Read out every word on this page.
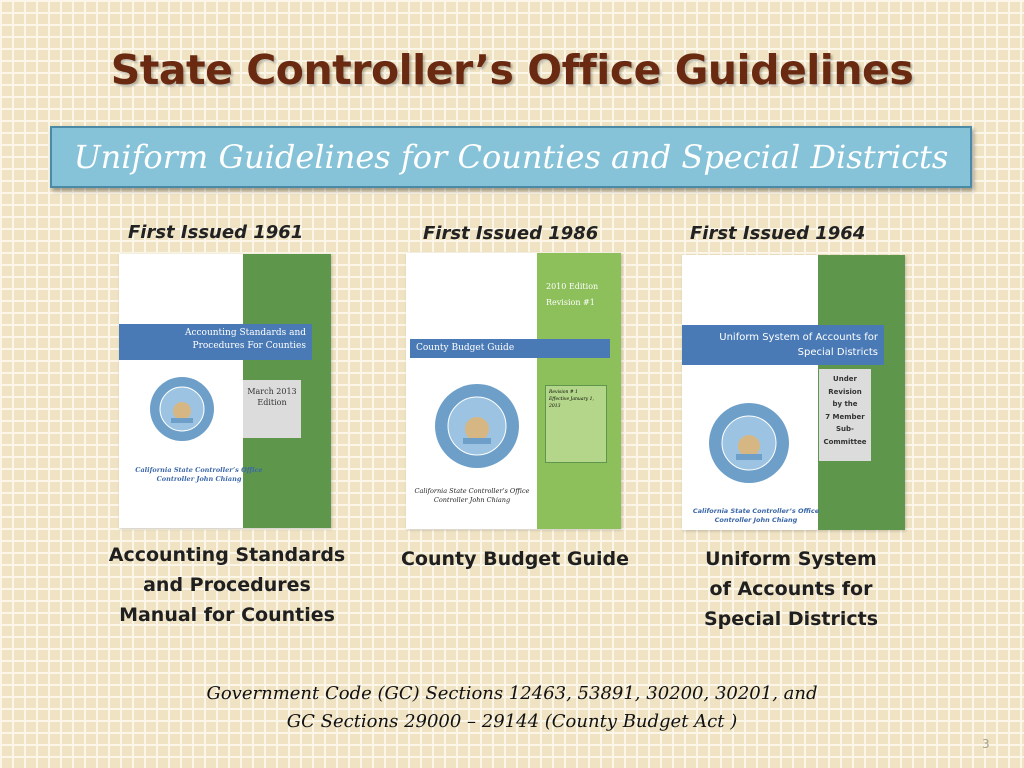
State Controller’s Office Guidelines
Uniform Guidelines for Counties and Special Districts
First Issued 1961
Accounting Standards and
Procedures For Counties
March 2013
Edition
California State Controller’s Office
Controller John Chiang
Accounting Standards
and Procedures
Manual for Counties
First Issued 1986
2010 Edition
Revision #1
County Budget Guide
Revision # 1
Effective January 1, 2013
California State Controller’s Office
Controller John Chiang
County Budget Guide
First Issued 1964
Uniform System of Accounts for
Special Districts
Under
Revision
by the
7 Member
Sub-
Committee
California State Controller’s Office
Controller John Chiang
Uniform System
of Accounts for
Special Districts
Government Code (GC) Sections 12463, 53891, 30200, 30201, and
GC Sections 29000 – 29144 (County Budget Act )
3
